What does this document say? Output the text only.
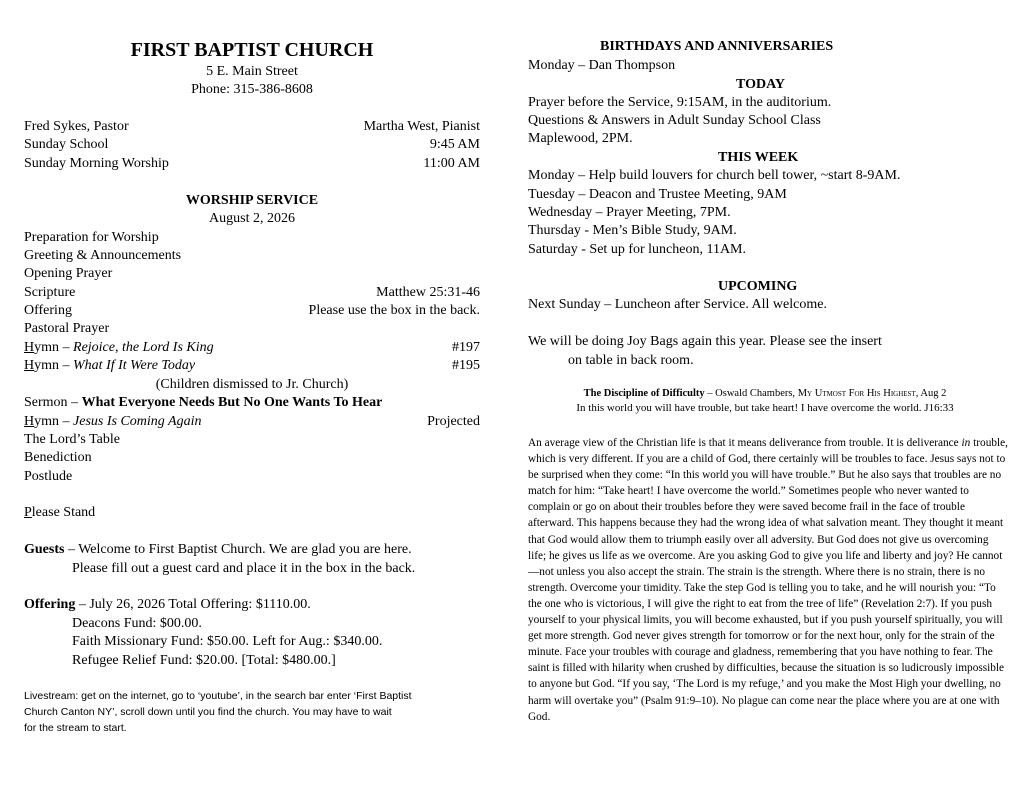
FIRST BAPTIST CHURCH
5 E. Main Street
Phone: 315-386-8608
Fred Sykes, Pastor	Martha West, Pianist
Sunday School	9:45 AM
Sunday Morning Worship	11:00 AM
WORSHIP SERVICE
August 2, 2026
Preparation for Worship
Greeting & Announcements
Opening Prayer
Scripture	Matthew 25:31-46
Offering	Please use the box in the back.
Pastoral Prayer
Hymn – Rejoice, the Lord Is King	#197
Hymn – What If It Were Today	#195
(Children dismissed to Jr. Church)
Sermon – What Everyone Needs But No One Wants To Hear
Hymn – Jesus Is Coming Again	Projected
The Lord’s Table
Benediction
Postlude
Please Stand
Guests – Welcome to First Baptist Church. We are glad you are here.
Please fill out a guest card and place it in the box in the back.
Offering – July 26, 2026 Total Offering: $1110.00.
Deacons Fund: $00.00.
Faith Missionary Fund: $50.00. Left for Aug.: $340.00.
Refugee Relief Fund: $20.00. [Total: $480.00.]
Livestream: get on the internet, go to ‘youtube’, in the search bar enter ‘First Baptist
Church Canton NY’, scroll down until you find the church. You may have to wait
for the stream to start.
BIRTHDAYS AND ANNIVERSARIES
Monday – Dan Thompson
TODAY
Prayer before the Service, 9:15AM, in the auditorium.
Questions & Answers in Adult Sunday School Class
Maplewood, 2PM.
THIS WEEK
Monday – Help build louvers for church bell tower, ~start 8-9AM.
Tuesday – Deacon and Trustee Meeting, 9AM
Wednesday – Prayer Meeting, 7PM.
Thursday - Men’s Bible Study, 9AM.
Saturday - Set up for luncheon, 11AM.
UPCOMING
Next Sunday – Luncheon after Service. All welcome.
We will be doing Joy Bags again this year. Please see the insert
on table in back room.
The Discipline of Difficulty – Oswald Chambers, My Utmost For His Highest, Aug 2
In this world you will have trouble, but take heart! I have overcome the world. J16:33
An average view of the Christian life is that it means deliverance from trouble. It is deliverance in trouble, which is very different. If you are a child of God, there certainly will be troubles to face. Jesus says not to be surprised when they come: “In this world you will have trouble.” But he also says that troubles are no match for him: “Take heart! I have overcome the world.” Sometimes people who never wanted to complain or go on about their troubles before they were saved become frail in the face of trouble afterward. This happens because they had the wrong idea of what salvation meant. They thought it meant that God would allow them to triumph easily over all adversity. But God does not give us overcoming life; he gives us life as we overcome. Are you asking God to give you life and liberty and joy? He cannot—not unless you also accept the strain. The strain is the strength. Where there is no strain, there is no strength. Overcome your timidity. Take the step God is telling you to take, and he will nourish you: “To the one who is victorious, I will give the right to eat from the tree of life” (Revelation 2:7). If you push yourself to your physical limits, you will become exhausted, but if you push yourself spiritually, you will get more strength. God never gives strength for tomorrow or for the next hour, only for the strain of the minute. Face your troubles with courage and gladness, remembering that you have nothing to fear. The saint is filled with hilarity when crushed by difficulties, because the situation is so ludicrously impossible to anyone but God. “If you say, ‘The Lord is my refuge,’ and you make the Most High your dwelling, no harm will overtake you” (Psalm 91:9–10). No plague can come near the place where you are at one with God.
